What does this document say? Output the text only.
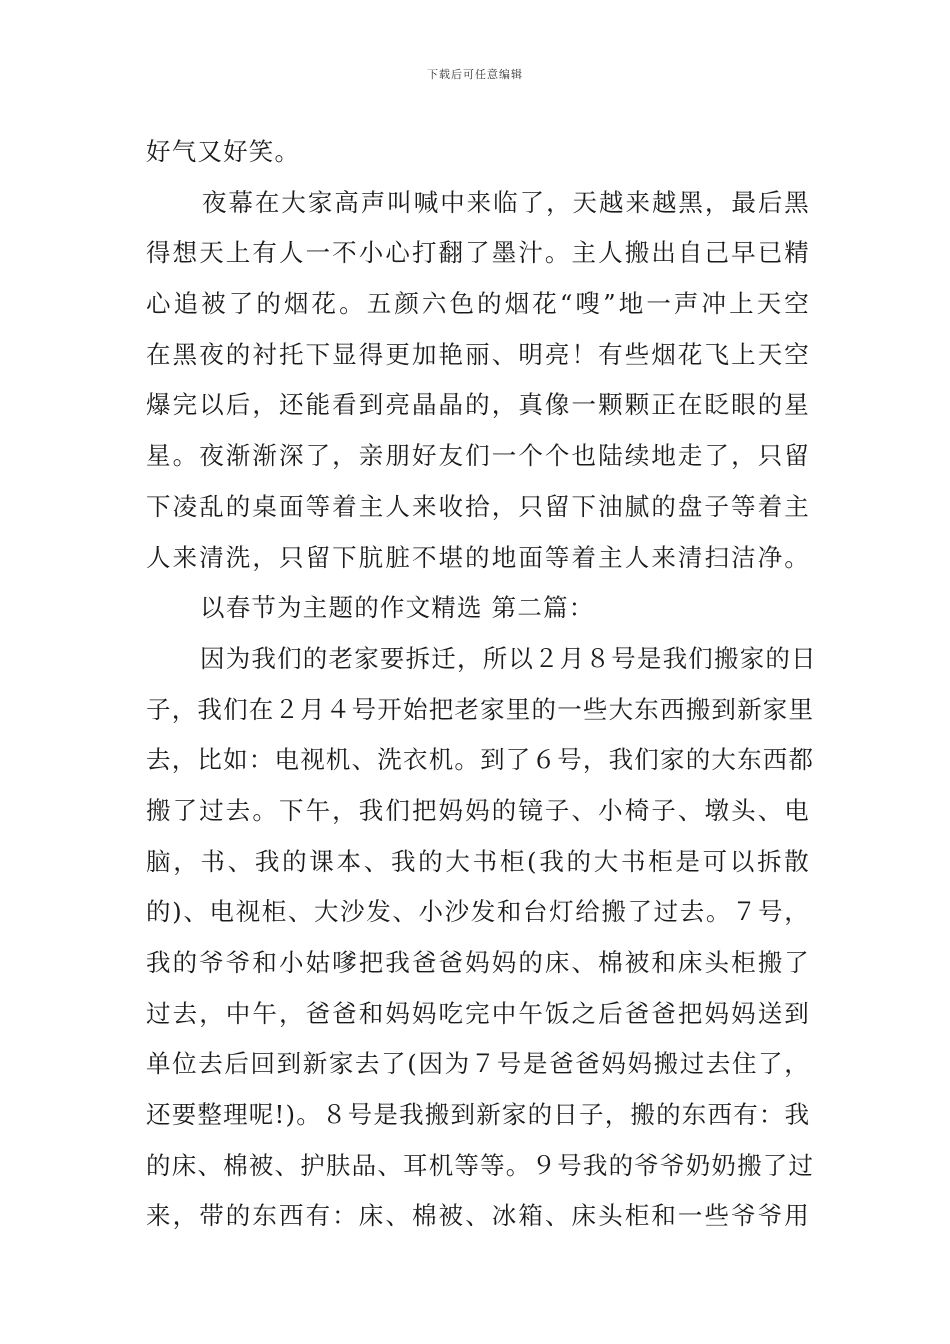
下载后可任意编辑
好气又好笑。
夜幕在大家高声叫喊中来临了，天越来越黑，最后黑
得想天上有人一不小心打翻了墨汁。主人搬出自己早已精
心追被了的烟花。五颜六色的烟花“嗖”地一声冲上天空
在黑夜的衬托下显得更加艳丽、明亮！有些烟花飞上天空
爆完以后，还能看到亮晶晶的，真像一颗颗正在眨眼的星
星。夜渐渐深了，亲朋好友们一个个也陆续地走了，只留
下凌乱的桌面等着主人来收拾，只留下油腻的盘子等着主
人来清洗，只留下肮脏不堪的地面等着主人来清扫洁净。
以春节为主题的作文精选 第二篇：
因为我们的老家要拆迁，所以２月８号是我们搬家的日
子，我们在２月４号开始把老家里的一些大东西搬到新家里
去，比如：电视机、洗衣机。到了６号，我们家的大东西都
搬了过去。下午，我们把妈妈的镜子、小椅子、墩头、电
脑，书、我的课本、我的大书柜(我的大书柜是可以拆散
的)、电视柜、大沙发、小沙发和台灯给搬了过去。７号，
我的爷爷和小姑嗲把我爸爸妈妈的床、棉被和床头柜搬了
过去，中午，爸爸和妈妈吃完中午饭之后爸爸把妈妈送到
单位去后回到新家去了(因为７号是爸爸妈妈搬过去住了，
还要整理呢!)。８号是我搬到新家的日子，搬的东西有：我
的床、棉被、护肤品、耳机等等。９号我的爷爷奶奶搬了过
来，带的东西有：床、棉被、冰箱、床头柜和一些爷爷用
